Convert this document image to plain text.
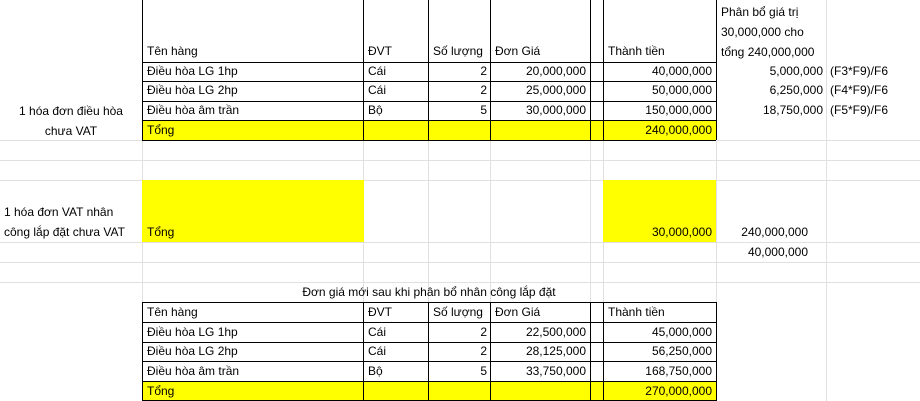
Tên hàng	ĐVT	Số lượng	Đơn Giá	Thành tiền
Phân bổ giá trị
30,000,000 cho
tổng 240,000,000
Điều hòa LG 1hp	Cái	2	20,000,000	40,000,000	5,000,000 (F3*F9)/F6
Điều hòa LG 2hp	Cái	2	25,000,000	50,000,000	6,250,000 (F4*F9)/F6
Điều hòa âm trần	Bộ	5	30,000,000	150,000,000	18,750,000 (F5*F9)/F6
Tổng	240,000,000
1 hóa đơn điều hòa
chưa VAT
1 hóa đơn VAT nhân
công lắp đặt chưa VAT	Tổng	30,000,000	240,000,000
40,000,000
Đơn giá mới sau khi phân bổ nhân công lắp đặt
Tên hàng	ĐVT	Số lượng	Đơn Giá	Thành tiền
Điều hòa LG 1hp	Cái	2	22,500,000	45,000,000
Điều hòa LG 2hp	Cái	2	28,125,000	56,250,000
Điều hòa âm trần	Bộ	5	33,750,000	168,750,000
Tổng	270,000,000
